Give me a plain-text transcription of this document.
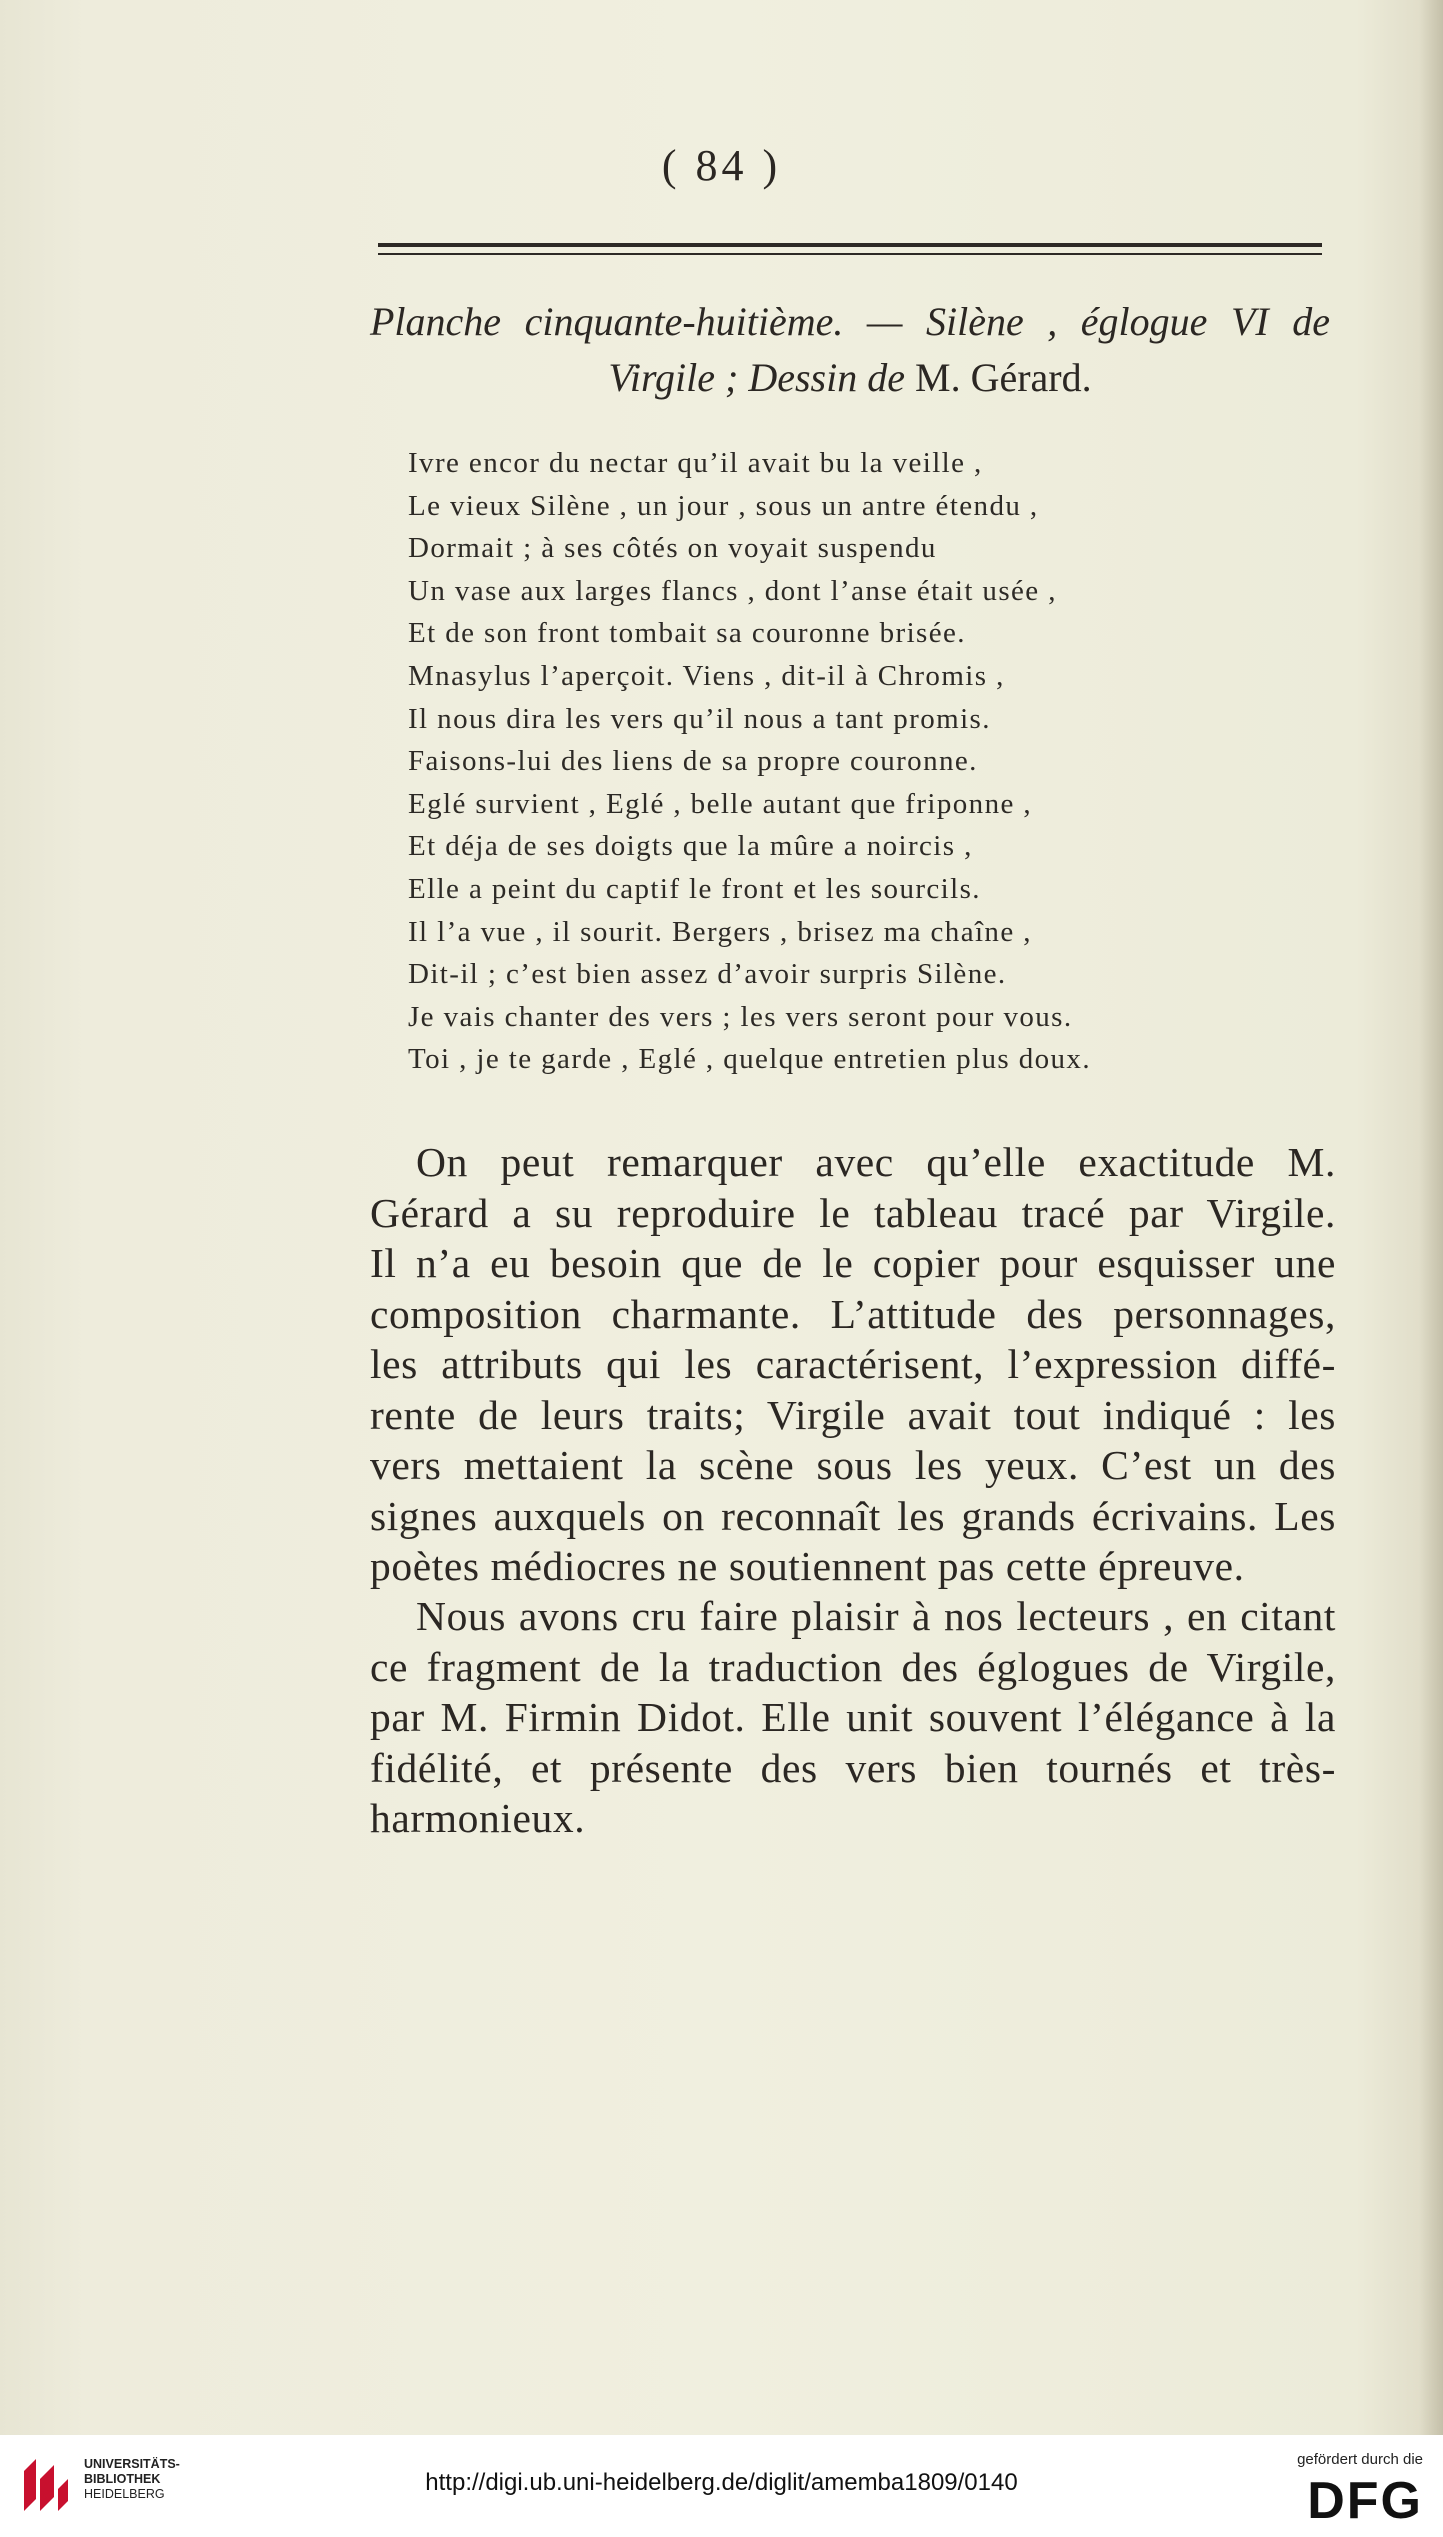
( 84 )
Planche cinquante-huitième. — Silène , églogue VI de
Virgile ; Dessin de M. Gérard.
Ivre encor du nectar qu’il avait bu la veille ,
Le vieux Silène , un jour , sous un antre étendu ,
Dormait ; à ses côtés on voyait suspendu
Un vase aux larges flancs , dont l’anse était usée ,
Et de son front tombait sa couronne brisée.
Mnasylus l’aperçoit. Viens , dit-il à Chromis ,
Il nous dira les vers qu’il nous a tant promis.
Faisons-lui des liens de sa propre couronne.
Eglé survient , Eglé , belle autant que friponne ,
Et déja de ses doigts que la mûre a noircis ,
Elle a peint du captif le front et les sourcils.
Il l’a vue , il sourit. Bergers , brisez ma chaîne ,
Dit-il ; c’est bien assez d’avoir surpris Silène.
Je vais chanter des vers ; les vers seront pour vous.
Toi , je te garde , Eglé , quelque entretien plus doux.
On peut remarquer avec qu’elle exactitude M.
Gérard a su reproduire le tableau tracé par Virgile.
Il n’a eu besoin que de le copier pour esquisser une
composition charmante. L’attitude des personnages,
les attributs qui les caractérisent, l’expression diffé-
rente de leurs traits; Virgile avait tout indiqué : les
vers mettaient la scène sous les yeux. C’est un des
signes auxquels on reconnaît les grands écrivains. Les
poètes médiocres ne soutiennent pas cette épreuve.
Nous avons cru faire plaisir à nos lecteurs , en citant
ce fragment de la traduction des églogues de Virgile,
par M. Firmin Didot. Elle unit souvent l’élégance à la
fidélité, et présente des vers bien tournés et très-
harmonieux.
UNIVERSITÄTS-
BIBLIOTHEK
HEIDELBERG	http://digi.ub.uni-heidelberg.de/diglit/amemba1809/0140
gefördert durch die
DFG
